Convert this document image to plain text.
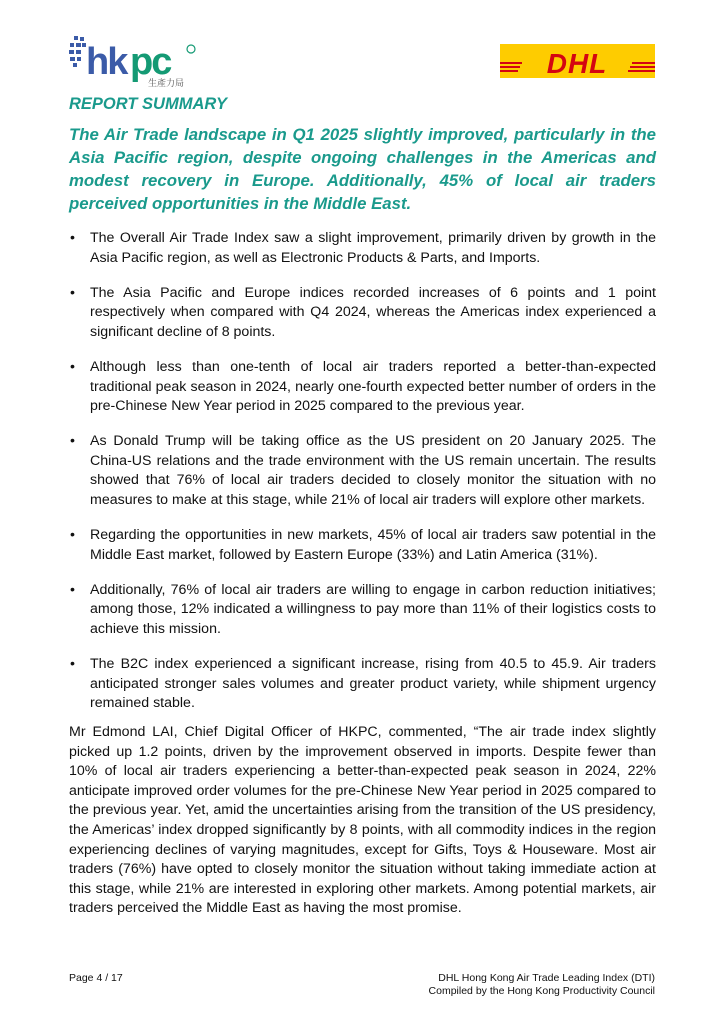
hk pc
生產力局
DHL
REPORT SUMMARY
The Air Trade landscape in Q1 2025 slightly improved, particularly in the Asia Pacific region, despite ongoing challenges in the Americas and modest recovery in Europe. Additionally, 45% of local air traders perceived opportunities in the Middle East.
• The Overall Air Trade Index saw a slight improvement, primarily driven by growth in the Asia Pacific region, as well as Electronic Products & Parts, and Imports.
• The Asia Pacific and Europe indices recorded increases of 6 points and 1 point respectively when compared with Q4 2024, whereas the Americas index experienced a significant decline of 8 points.
• Although less than one-tenth of local air traders reported a better-than-expected traditional peak season in 2024, nearly one-fourth expected better number of orders in the pre-Chinese New Year period in 2025 compared to the previous year.
• As Donald Trump will be taking office as the US president on 20 January 2025. The China-US relations and the trade environment with the US remain uncertain. The results showed that 76% of local air traders decided to closely monitor the situation with no measures to make at this stage, while 21% of local air traders will explore other markets.
• Regarding the opportunities in new markets, 45% of local air traders saw potential in the Middle East market, followed by Eastern Europe (33%) and Latin America (31%).
• Additionally, 76% of local air traders are willing to engage in carbon reduction initiatives; among those, 12% indicated a willingness to pay more than 11% of their logistics costs to achieve this mission.
• The B2C index experienced a significant increase, rising from 40.5 to 45.9. Air traders anticipated stronger sales volumes and greater product variety, while shipment urgency remained stable.
Mr Edmond LAI, Chief Digital Officer of HKPC, commented, “The air trade index slightly picked up 1.2 points, driven by the improvement observed in imports. Despite fewer than 10% of local air traders experiencing a better-than-expected peak season in 2024, 22% anticipate improved order volumes for the pre-Chinese New Year period in 2025 compared to the previous year. Yet, amid the uncertainties arising from the transition of the US presidency, the Americas’ index dropped significantly by 8 points, with all commodity indices in the region experiencing declines of varying magnitudes, except for Gifts, Toys & Houseware. Most air traders (76%) have opted to closely monitor the situation without taking immediate action at this stage, while 21% are interested in exploring other markets. Among potential markets, air traders perceived the Middle East as having the most promise.
Page 4 / 17	DHL Hong Kong Air Trade Leading Index (DTI)
Compiled by the Hong Kong Productivity Council
